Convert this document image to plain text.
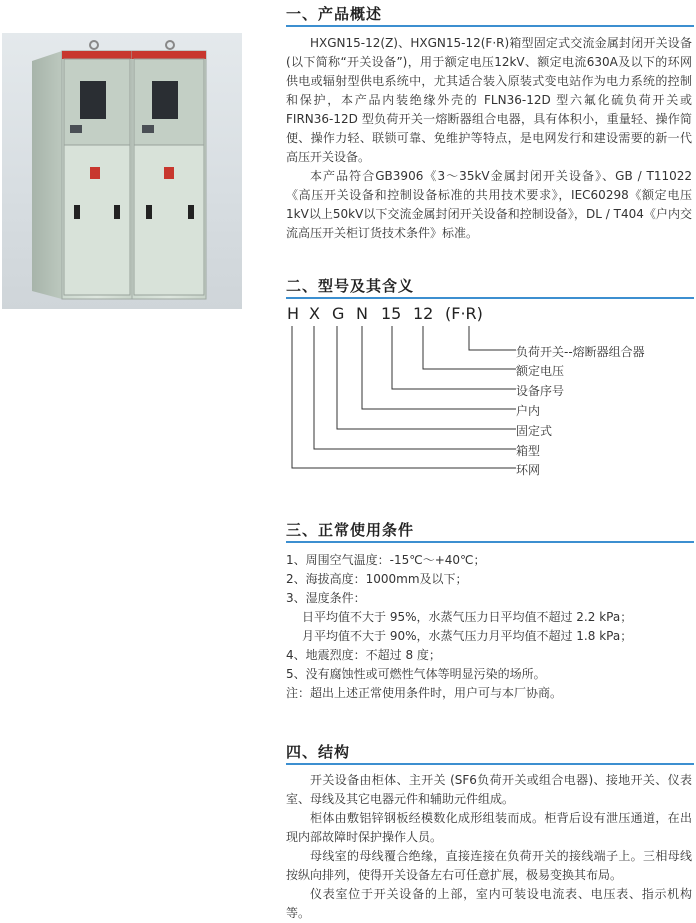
一、产品概述

HXGN15-12(Z)、HXGN15-12(F·R)箱型固定式交流金属封闭开关设备(以下简称“开关设备”)，用于额定电压12kV、额定电流630A及以下的环网供电或辐射型供电系统中，尤其适合装入原装式变电站作为电力系统的控制和保护，本产品内装绝缘外壳的 FLN36-12D 型六氟化硫负荷开关或 FIRN36-12D 型负荷开关一熔断器组合电器，具有体积小，重量轻、操作简便、操作力轻、联锁可靠、免维护等特点，是电网发行和建设需要的新一代高压开关设备。

本产品符合GB3906《3～35kV金属封闭开关设备》、GB / T11022《高压开关设备和控制设备标准的共用技术要求》，IEC60298《额定电压 1kV以上50kV以下交流金属封闭开关设备和控制设备》，DL / T404《户内交流高压开关柜订货技术条件》标准。

二、型号及其含义
H X G N 15 12 (F·R)
负荷开关--熔断器组合器
额定电压
设备序号
户内
固定式
箱型
环网
三、正常使用条件
1、周围空气温度：-15℃～+40℃；
2、海拔高度：1000mm及以下；
3、湿度条件：
日平均值不大于 95%，水蒸气压力日平均值不超过 2.2 kPa；
月平均值不大于 90%，水蒸气压力月平均值不超过 1.8 kPa；
4、地震烈度：不超过 8 度；
5、没有腐蚀性或可燃性气体等明显污染的场所。
注：超出上述正常使用条件时，用户可与本厂协商。
四、结构

开关设备由柜体、主开关 (SF6负荷开关或组合电器)、接地开关、仪表室、母线及其它电器元件和辅助元件组成。

柜体由敷铝锌钢板经模数化成形组装而成。柜背后设有泄压通道，在出现内部故障时保护操作人员。

母线室的母线覆合绝缘，直接连接在负荷开关的接线端子上。三相母线按纵向排列，使得开关设备左右可任意扩展，极易变换其布局。

仪表室位于开关设备的上部，室内可装设电流表、电压表、指示机构等。
